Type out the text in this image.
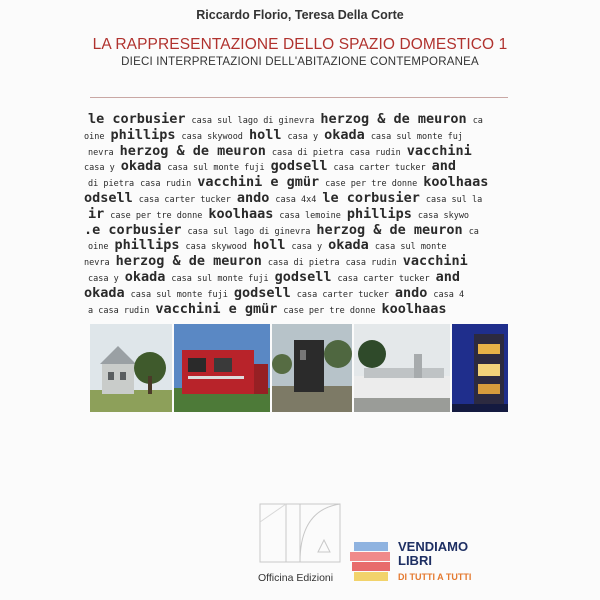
Riccardo Florio, Teresa Della Corte
LA RAPPRESENTAZIONE DELLO SPAZIO DOMESTICO 1
DIECI INTERPRETAZIONI DELL'ABITAZIONE CONTEMPORANEA
le corbusier casa sul lago di ginevra herzog & de meuron ca
oine phillips casa skywood holl casa y okada casa sul monte fuj
nevra herzog & de meuron casa di pietra casa rudin vacchini
casa y okada casa sul monte fuji godsell casa carter tucker and
di pietra casa rudin vacchini e gmür case per tre donne koolhaas
odsell casa carter tucker ando casa 4x4 le corbusier casa sul la
ir case per tre donne koolhaas casa lemoine phillips casa skywo
.e corbusier casa sul lago di ginevra herzog & de meuron ca
oine phillips casa skywood holl casa y okada casa sul monte
nevra herzog & de meuron casa di pietra casa rudin vacchini
casa y okada casa sul monte fuji godsell casa carter tucker and
okada casa sul monte fuji godsell casa carter tucker ando casa 4
a casa rudin vacchini e gmür case per tre donne koolhaas
Officina Edizioni
VENDIAMO
LIBRI
DI TUTTI A TUTTI
